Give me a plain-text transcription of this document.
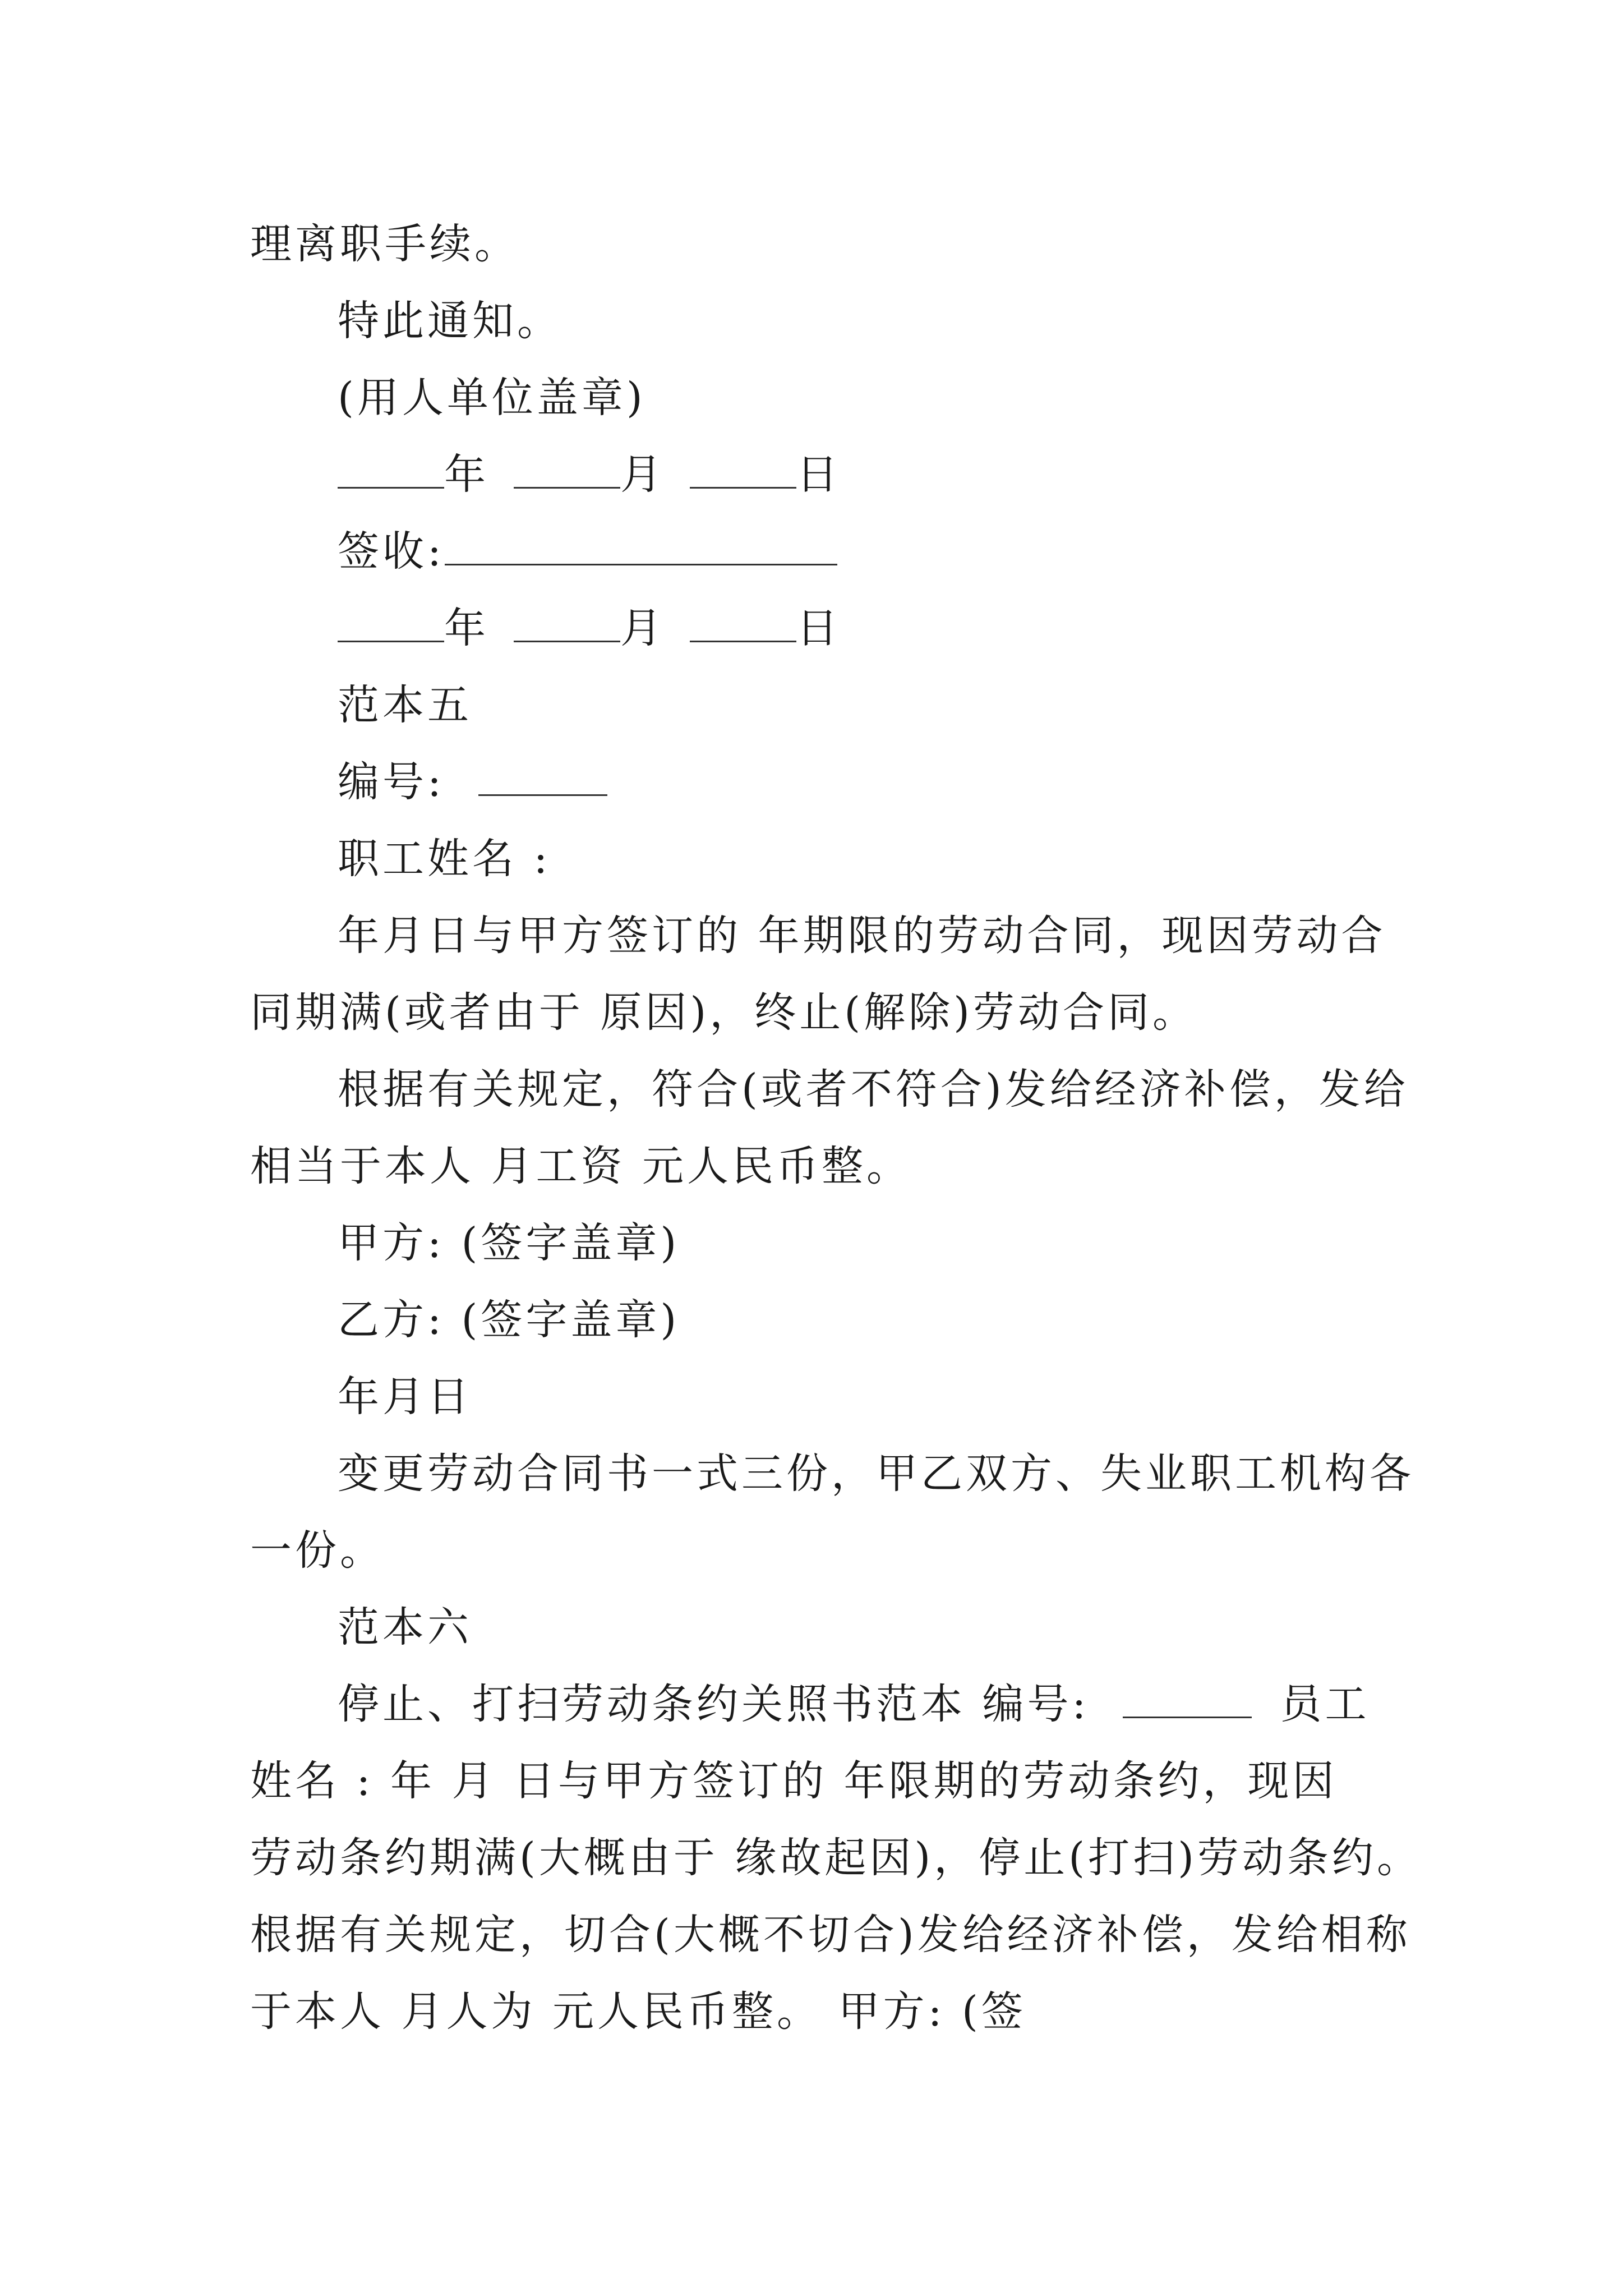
理离职手续。
特此通知。
(用人单位盖章)
年	月	日
签收:
年	月	日
范本五
编号:
职工姓名 :
年月日与甲方签订的 年期限的劳动合同，现因劳动合
同期满(或者由于 原因)，终止(解除)劳动合同。
根据有关规定，符合(或者不符合)发给经济补偿，发给
相当于本人 月工资 元人民币整。
甲方: (签字盖章)
乙方: (签字盖章)
年月日
变更劳动合同书一式三份，甲乙双方、失业职工机构各
一份。
范本六
停止、打扫劳动条约关照书范本 编号:	员工
姓名 : 年 月 日与甲方签订的 年限期的劳动条约，现因
劳动条约期满(大概由于 缘故起因)，停止(打扫)劳动条约。
根据有关规定，切合(大概不切合)发给经济补偿，发给相称
于本人 月人为 元人民币整。 甲方: (签
